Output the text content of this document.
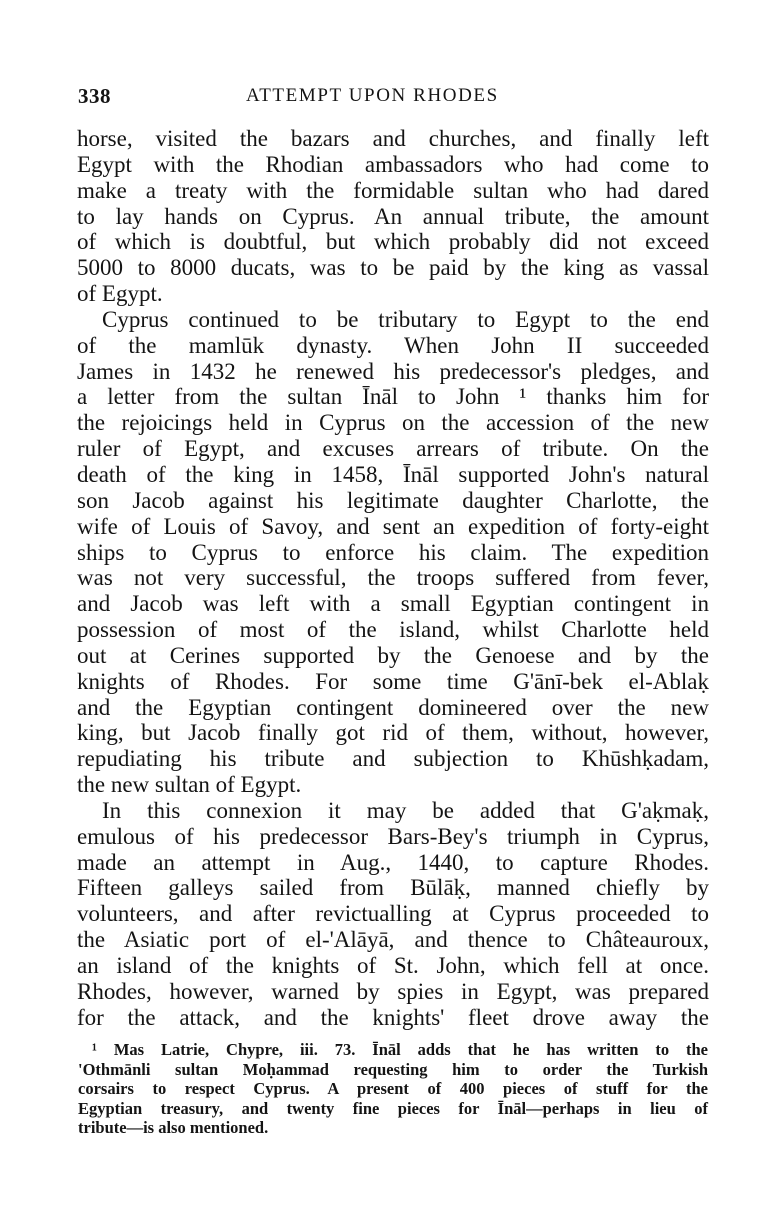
338	ATTEMPT UPON RHODES
horse, visited the bazars and churches, and finally left
Egypt with the Rhodian ambassadors who had come to
make a treaty with the formidable sultan who had dared
to lay hands on Cyprus. An annual tribute, the amount
of which is doubtful, but which probably did not exceed
5000 to 8000 ducats, was to be paid by the king as vassal
of Egypt.
Cyprus continued to be tributary to Egypt to the end
of the mamlūk dynasty. When John II succeeded
James in 1432 he renewed his predecessor's pledges, and
a letter from the sultan Īnāl to John ¹ thanks him for
the rejoicings held in Cyprus on the accession of the new
ruler of Egypt, and excuses arrears of tribute. On the
death of the king in 1458, Īnāl supported John's natural
son Jacob against his legitimate daughter Charlotte, the
wife of Louis of Savoy, and sent an expedition of forty-eight
ships to Cyprus to enforce his claim. The expedition
was not very successful, the troops suffered from fever,
and Jacob was left with a small Egyptian contingent in
possession of most of the island, whilst Charlotte held
out at Cerines supported by the Genoese and by the
knights of Rhodes. For some time G'ānī-bek el-Ablaḳ
and the Egyptian contingent domineered over the new
king, but Jacob finally got rid of them, without, however,
repudiating his tribute and subjection to Khūshḳadam,
the new sultan of Egypt.
In this connexion it may be added that G'aḳmaḳ,
emulous of his predecessor Bars-Bey's triumph in Cyprus,
made an attempt in Aug., 1440, to capture Rhodes.
Fifteen galleys sailed from Būlāḳ, manned chiefly by
volunteers, and after revictualling at Cyprus proceeded to
the Asiatic port of el-'Alāyā, and thence to Châteauroux,
an island of the knights of St. John, which fell at once.
Rhodes, however, warned by spies in Egypt, was prepared
for the attack, and the knights' fleet drove away the
¹ Mas Latrie, Chypre, iii. 73. Īnāl adds that he has written to the
'Othmānli sultan Moḥammad requesting him to order the Turkish
corsairs to respect Cyprus. A present of 400 pieces of stuff for the
Egyptian treasury, and twenty fine pieces for Īnāl—perhaps in lieu of
tribute—is also mentioned.
